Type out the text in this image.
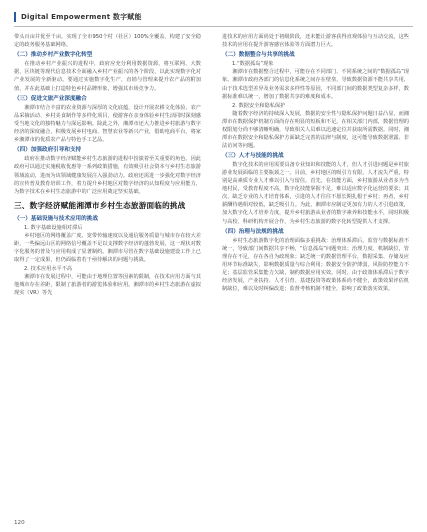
Digital Empowerment 数字赋能

带头百亩并优至千亩。实现了全市950个村（社区）100%全覆盖，构建了安全稳定的政务服务基础网络。

（二）推动乡村产业数字化转型

在推动乡村产业振兴的进程中，政府应充分利用数据资源，将互联网、大数据、区块链等现代信息技术全面融入乡村产业振兴的各个阶段，以此实现数字化对产业发展的全新驱动。要通过实施数字化生产，直销与管理来提升农产品的附加值，并在此基础上打造特色乡村品牌形象，增强其市场竞争力。

（三）促进文旅产业深度融合

湘潭市结合丰富的农业资源与深厚的文化底蕴，设计开展农耕文化体验、农产品采摘活动、乡村美食制作等多样化项目，使游客在亲身体验乡村生活同时深刻感受当地文化的独特魅力与深远影响。除此之外，湘潭市还大力推进乡村旅游与数字经济的深度融合，积极发展乡村电商、智慧农业等新兴产业，借助电商平台，将家乡湘潭市的优质农产品与特色手工艺品。

（四）加强政府引导和支持

政府在推动数字经济赋能乡村生态旅游的进程中扮演着至关重要的角色。因此政府可以通过实施税收优惠等一系列政策措施，有效吸引社会资本与乡村生态旅游领域流动，进而为该领域健康发展注入强劲动力。政府还需进一步强化对数字经济的宣传普及教育培训工作，着力提升乡村地区对数字经济的认知程度与应用能力，为数字技术在乡村生态旅游中的广泛应用奠定坚实基础。

三、数字经济赋能湘潭市乡村生态旅游面临的挑战
（一）基础设施与技术应用的挑战
1. 数字基础设施相对滞后

乡村地区的网络覆盖广度、宽带传输速度以及通信服务质量与城市存在较大差距，一些偏远山区的网络信号覆盖不足以支撑数字经济的蓬勃发展，这一现状对数字化服务的普及与应用构成了显著制约。湘潭市尽管在数字基础设施建设工作上已取得了一定成果，但仍面临着若干亟待解决的问题与挑战。

2. 技术应用水平不高

湘潭市在发展过程中，可能由于地理位置等因素的限制，在技术应用方面与其他城市存在差距，限制了旅游者的游览体验和应用。湘潭市的乡村生态旅游在虚拟现实（VR）等先

进技术的应用方面尚处于初级阶段，还未能让游客获得直观体验与互动交流，这些技术的应用在提升游客感官体验等方面潜力巨大。

（二）数据整合与共享的挑战
1.“数据孤岛”现象

湘潭市在数据整合过程中，可能存在不同部门、不同系统之间的“数据孤岛”现象。湘潭市政府各部门的信息化系统之间存在壁垒，导致数据资源不能共享共用，由于技术选型差异及业务需求多样性等原因，不同部门间的数据类型复杂多样，数据标准难以统一，增加了数据共享的难度和成本。

2. 数据安全和隐私保护

随着数字经济的持续深入发展，数据的安全性与隐私保护问题日益凸显，而湘潭市在数据保护机制方面尚存在明显的短板和不足。在相关部门内部，数据管理的权限划分尚不够清晰明确，导致相关人员难以迅速定位并获取所需数据。同时，湘潭市在数据安全和隐私保护方面缺乏完善的法律与制度，这可能导致数据泄露、非法访问等问题。

（三）人才与技能的挑战

数字化技术的应用需要具备专业知识和技能的人才，但人才引进问题是乡村旅游业发展面临的主要瓶颈之一。目前，乡村地区的吸引力有限，人才流失严重，特别是高素质专业人才难以引入与留住。首先，在技能方面，乡村旅游从业者多为当地村民，受教育程度不高，数字化技能掌握不足，难以适应数字化运营的要求；其次，缺乏专业的人才培育体系，引进的人才往往不愿长期扎根于乡村；再者，乡村薪酬待遇相对较低，缺乏吸引力。为此，湘潭市应制定更加有力的人才引进政策，加大数字化人才培养力度，提升乡村旅游从业者的数字素养和技能水平，同时积极与高校、科研机构开展合作，为乡村生态旅游的数字化转型提供人才支撑。

（四）治理与法规的挑战

乡村生态旅游数字化的治理面临多重挑战：治理体系滞后，监管与数据标准不统一，导致部门间数据共享不畅，“信息孤岛”问题突出；治理力度、机制缺位，管理存在不足，存在各自为政现象；缺乏统一的数据管理平台，数据采集、存储及应用环节标准缺失，影响数据质量与综合利用；数据安全防护薄弱，风险防控能力不足；基层监管采集能力欠缺，制约数据应用实效。同时，由于政策体系滞后于数字经济发展，产业扶持、人才引育、基建投资等政策体系尚不健全，政策效果评估机制缺位，难以及时纠偏改进；监督考核机制不健全，影响了政策落实效果。

120
